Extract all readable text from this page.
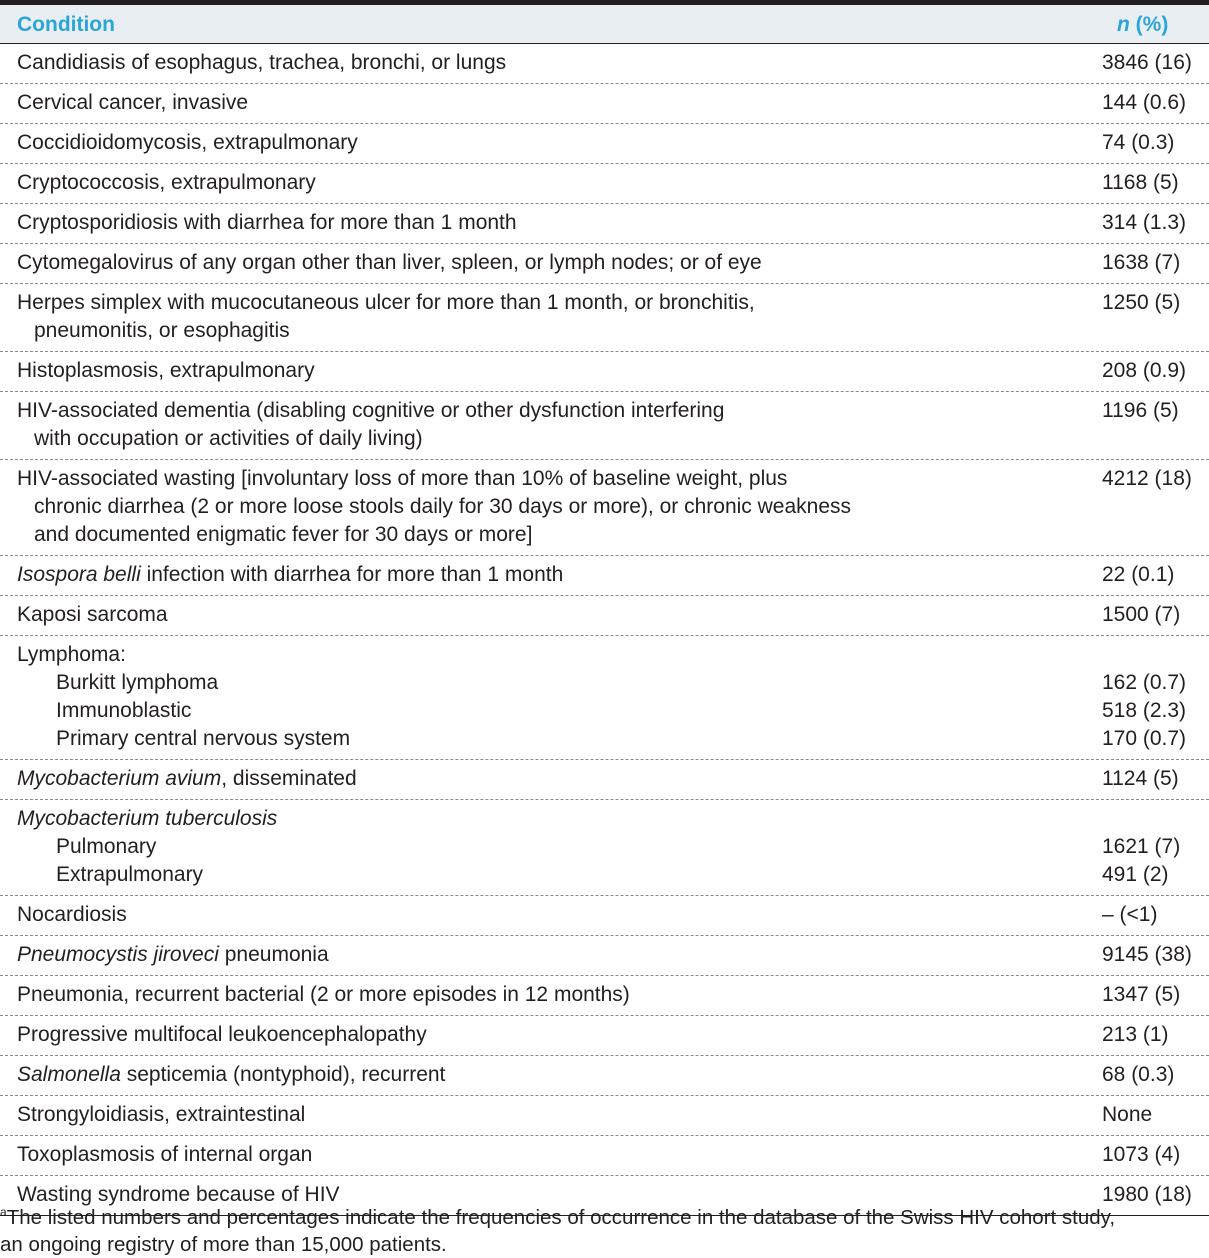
Condition	n (%)
Candidiasis of esophagus, trachea, bronchi, or lungs	3846 (16)
Cervical cancer, invasive	144 (0.6)
Coccidioidomycosis, extrapulmonary	74 (0.3)
Cryptococcosis, extrapulmonary	1168 (5)
Cryptosporidiosis with diarrhea for more than 1 month	314 (1.3)
Cytomegalovirus of any organ other than liver, spleen, or lymph nodes; or of eye	1638 (7)
Herpes simplex with mucocutaneous ulcer for more than 1 month, or bronchitis,	1250 (5)
pneumonitis, or esophagitis
Histoplasmosis, extrapulmonary	208 (0.9)
HIV-associated dementia (disabling cognitive or other dysfunction interfering	1196 (5)
with occupation or activities of daily living)
HIV-associated wasting [involuntary loss of more than 10% of baseline weight, plus	4212 (18)
chronic diarrhea (2 or more loose stools daily for 30 days or more), or chronic weakness
and documented enigmatic fever for 30 days or more]
Isospora belli infection with diarrhea for more than 1 month	22 (0.1)
Kaposi sarcoma	1500 (7)
Lymphoma:
Burkitt lymphoma	162 (0.7)
Immunoblastic	518 (2.3)
Primary central nervous system	170 (0.7)
Mycobacterium avium, disseminated	1124 (5)
Mycobacterium tuberculosis
Pulmonary	1621 (7)
Extrapulmonary	491 (2)
Nocardiosis	– (<1)
Pneumocystis jiroveci pneumonia	9145 (38)
Pneumonia, recurrent bacterial (2 or more episodes in 12 months)	1347 (5)
Progressive multifocal leukoencephalopathy	213 (1)
Salmonella septicemia (nontyphoid), recurrent	68 (0.3)
Strongyloidiasis, extraintestinal	None
Toxoplasmosis of internal organ	1073 (4)
Wasting syndrome because of HIV	1980 (18)
$^a$The listed numbers and percentages indicate the frequencies of occurrence in the database of the Swiss HIV cohort study,
an ongoing registry of more than 15,000 patients.
